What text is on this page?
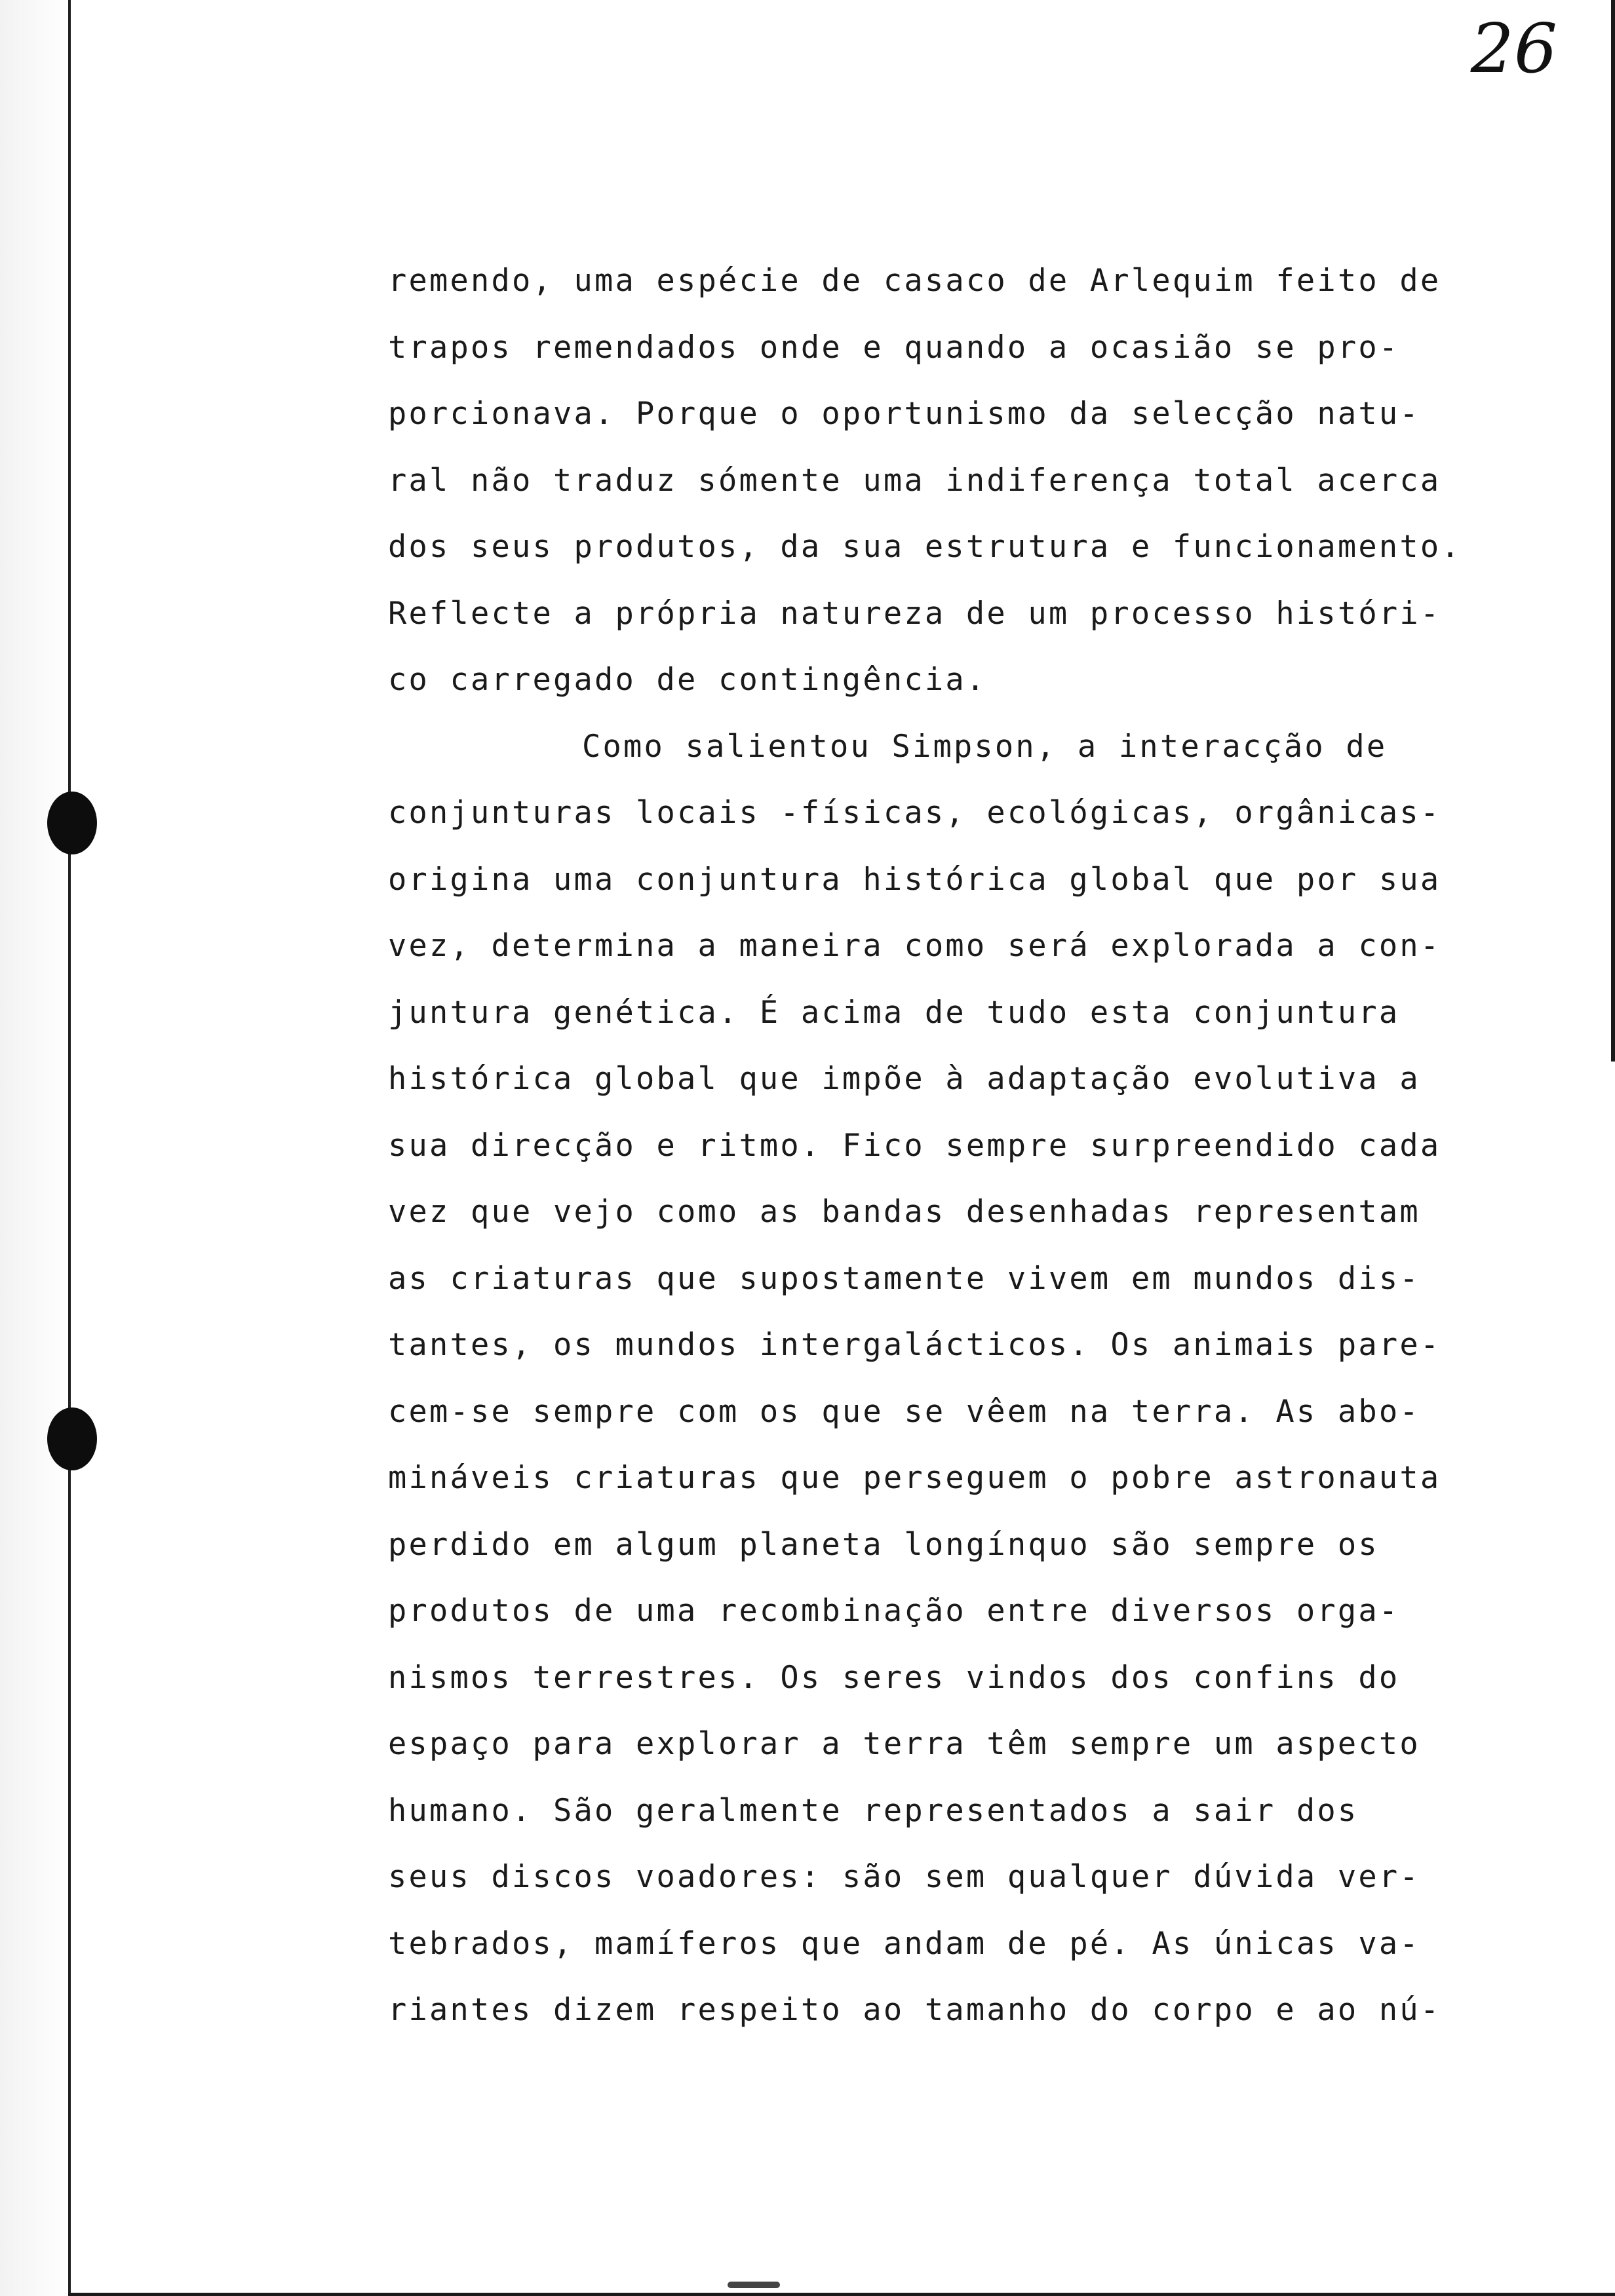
26
remendo, uma espécie de casaco de Arlequim feito de
trapos remendados onde e quando a ocasião se pro-
porcionava. Porque o oportunismo da selecção natu-
ral não traduz sómente uma indiferença total acerca
dos seus produtos, da sua estrutura e funcionamento.
Reflecte a própria natureza de um processo históri-
co carregado de contingência.
Como salientou Simpson, a interacção de
conjunturas locais -físicas, ecológicas, orgânicas-
origina uma conjuntura histórica global que por sua
vez, determina a maneira como será explorada a con-
juntura genética. É acima de tudo esta conjuntura
histórica global que impõe à adaptação evolutiva a
sua direcção e ritmo. Fico sempre surpreendido cada
vez que vejo como as bandas desenhadas representam
as criaturas que supostamente vivem em mundos dis-
tantes, os mundos intergalácticos. Os animais pare-
cem-se sempre com os que se vêem na terra. As abo-
mináveis criaturas que perseguem o pobre astronauta
perdido em algum planeta longínquo são sempre os
produtos de uma recombinação entre diversos orga-
nismos terrestres. Os seres vindos dos confins do
espaço para explorar a terra têm sempre um aspecto
humano. São geralmente representados a sair dos
seus discos voadores: são sem qualquer dúvida ver-
tebrados, mamíferos que andam de pé. As únicas va-
riantes dizem respeito ao tamanho do corpo e ao nú-
